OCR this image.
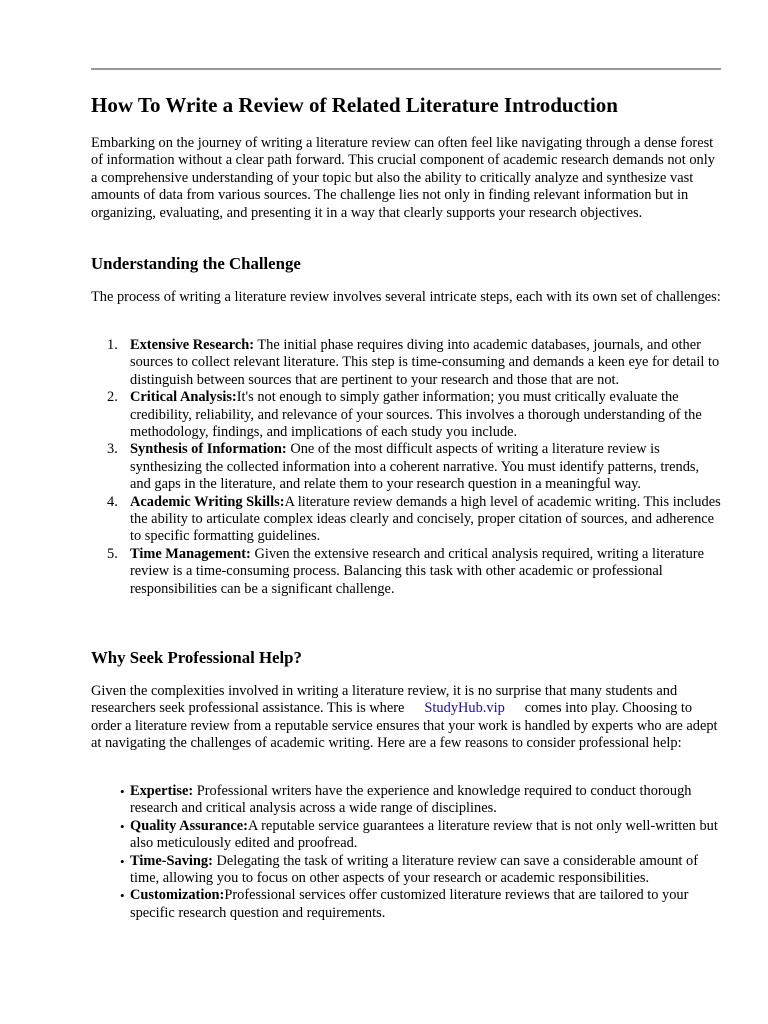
How To Write a Review of Related Literature Introduction

Embarking on the journey of writing a literature review can often feel like navigating through a dense forest of information without a clear path forward. This crucial component of academic research demands not only a comprehensive understanding of your topic but also the ability to critically analyze and synthesize vast amounts of data from various sources. The challenge lies not only in finding relevant information but in organizing, evaluating, and presenting it in a way that clearly supports your research objectives.

Understanding the Challenge

The process of writing a literature review involves several intricate steps, each with its own set of challenges:

1. Extensive Research: The initial phase requires diving into academic databases, journals, and other sources to collect relevant literature. This step is time-consuming and demands a keen eye for detail to distinguish between sources that are pertinent to your research and those that are not.
2. Critical Analysis:It's not enough to simply gather information; you must critically evaluate the credibility, reliability, and relevance of your sources. This involves a thorough understanding of the methodology, findings, and implications of each study you include.
3. Synthesis of Information: One of the most difficult aspects of writing a literature review is synthesizing the collected information into a coherent narrative. You must identify patterns, trends, and gaps in the literature, and relate them to your research question in a meaningful way.
4. Academic Writing Skills:A literature review demands a high level of academic writing. This includes the ability to articulate complex ideas clearly and concisely, proper citation of sources, and adherence to specific formatting guidelines.
5. Time Management: Given the extensive research and critical analysis required, writing a literature review is a time-consuming process. Balancing this task with other academic or professional responsibilities can be a significant challenge.
Why Seek Professional Help?

Given the complexities involved in writing a literature review, it is no surprise that many students and researchers seek professional assistance. This is where StudyHub.vip comes into play. Choosing to order a literature review from a reputable service ensures that your work is handled by experts who are adept at navigating the challenges of academic writing. Here are a few reasons to consider professional help:

• Expertise: Professional writers have the experience and knowledge required to conduct thorough research and critical analysis across a wide range of disciplines.
• Quality Assurance:A reputable service guarantees a literature review that is not only well-written but also meticulously edited and proofread.
• Time-Saving: Delegating the task of writing a literature review can save a considerable amount of time, allowing you to focus on other aspects of your research or academic responsibilities.
• Customization:Professional services offer customized literature reviews that are tailored to your specific research question and requirements.
